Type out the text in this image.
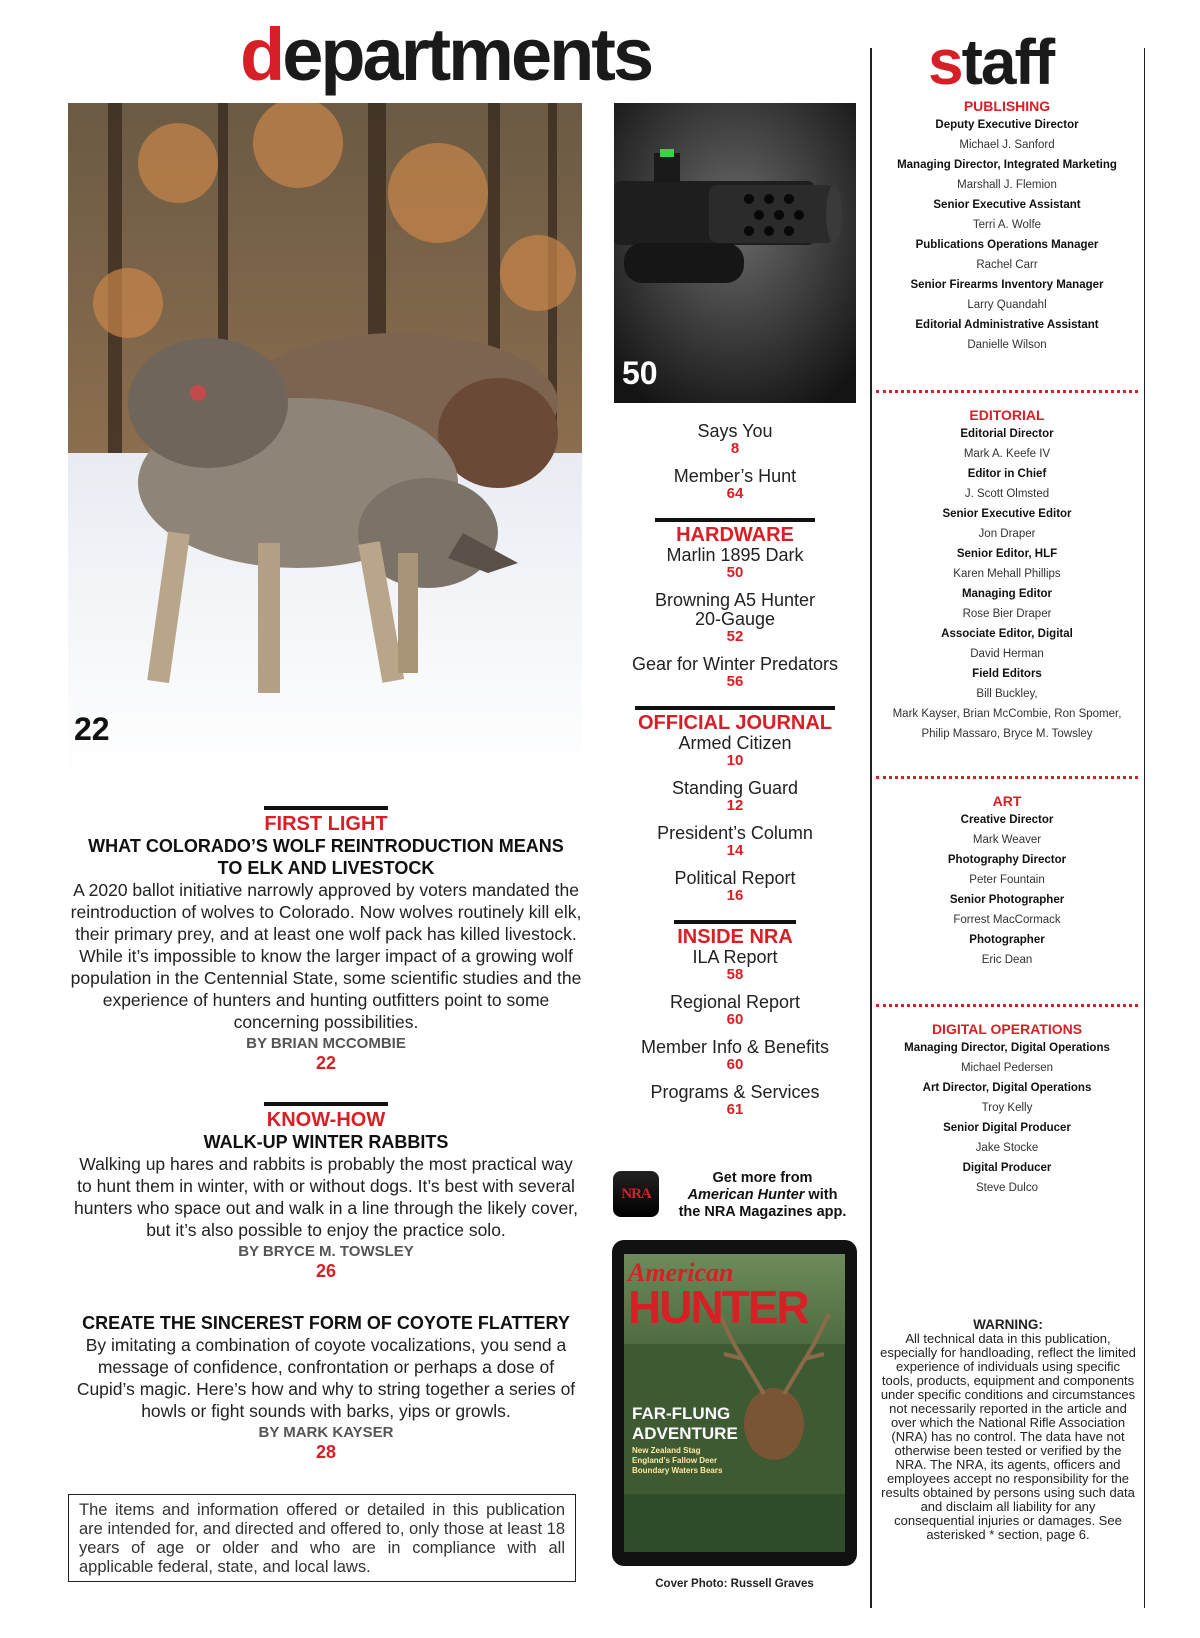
departments	staff
22
50
Says You
8
Member’s Hunt
64
HARDWARE
Marlin 1895 Dark
50
Browning A5 Hunter 20-Gauge
52
Gear for Winter Predators
56
OFFICIAL JOURNAL
Armed Citizen
10
Standing Guard
12
President’s Column
14
Political Report
16
INSIDE NRA
ILA Report
58
Regional Report
60
Member Info & Benefits
60
Programs & Services
61
FIRST LIGHT
WHAT COLORADO’S WOLF REINTRODUCTION MEANS TO ELK AND LIVESTOCK
A 2020 ballot initiative narrowly approved by voters mandated the reintroduction of wolves to Colorado. Now wolves routinely kill elk, their primary prey, and at least one wolf pack has killed livestock. While it’s impossible to know the larger impact of a growing wolf population in the Centennial State, some scientific studies and the experience of hunters and hunting outfitters point to some concerning possibilities.
BY BRIAN MCCOMBIE
22
KNOW-HOW
WALK-UP WINTER RABBITS
Walking up hares and rabbits is probably the most practical way to hunt them in winter, with or without dogs. It’s best with several hunters who space out and walk in a line through the likely cover, but it’s also possible to enjoy the practice solo.
BY BRYCE M. TOWSLEY
26
CREATE THE SINCEREST FORM OF COYOTE FLATTERY
By imitating a combination of coyote vocalizations, you send a message of confidence, confrontation or perhaps a dose of Cupid’s magic. Here’s how and why to string together a series of howls or fight sounds with barks, yips or growls.
BY MARK KAYSER
28
The items and information offered or detailed in this publication are intended for, and directed and offered to, only those at least 18 years of age or older and who are in compliance with all applicable federal, state, and local laws.
NRA
Get more from
American Hunter with
the NRA Magazines app.
American
HUNTER
FAR-FLUNG ADVENTURE
New Zealand Stag England’s Fallow Deer Boundary Waters Bears
Cover Photo: Russell Graves
PUBLISHING
Deputy Executive Director
Michael J. Sanford
Managing Director, Integrated Marketing
Marshall J. Flemion
Senior Executive Assistant
Terri A. Wolfe
Publications Operations Manager
Rachel Carr
Senior Firearms Inventory Manager
Larry Quandahl
Editorial Administrative Assistant
Danielle Wilson
EDITORIAL
Editorial Director
Mark A. Keefe IV
Editor in Chief
J. Scott Olmsted
Senior Executive Editor
Jon Draper
Senior Editor, HLF
Karen Mehall Phillips
Managing Editor
Rose Bier Draper
Associate Editor, Digital
David Herman
Field Editors
Bill Buckley,
Mark Kayser, Brian McCombie, Ron Spomer,
Philip Massaro, Bryce M. Towsley
ART
Creative Director
Mark Weaver
Photography Director
Peter Fountain
Senior Photographer
Forrest MacCormack
Photographer
Eric Dean
DIGITAL OPERATIONS
Managing Director, Digital Operations
Michael Pedersen
Art Director, Digital Operations
Troy Kelly
Senior Digital Producer
Jake Stocke
Digital Producer
Steve Dulco
WARNING:
All technical data in this publication, especially for handloading, reflect the limited experience of individuals using specific tools, products, equipment and components under specific conditions and circumstances not necessarily reported in the article and over which the National Rifle Association (NRA) has no control. The data have not otherwise been tested or verified by the NRA. The NRA, its agents, officers and employees accept no responsibility for the results obtained by persons using such data and disclaim all liability for any consequential injuries or damages. See asterisked * section, page 6.
